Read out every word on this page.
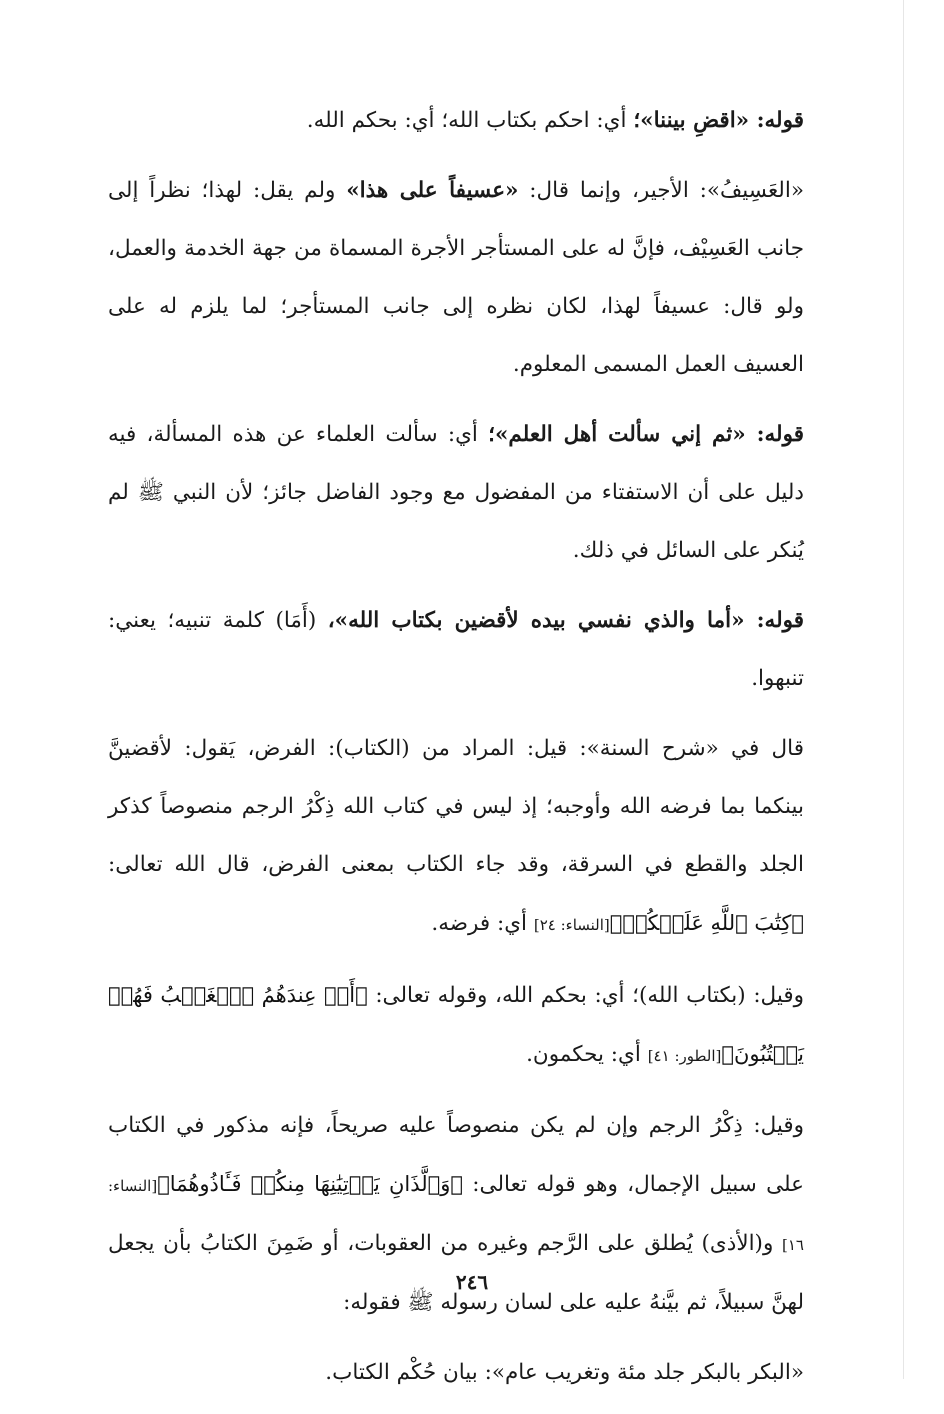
قوله: «اقضِ بيننا»؛ أي: احكم بكتاب الله؛ أي: بحكم الله.

«العَسِيفُ»: الأجير، وإنما قال: «عسيفاً على هذا» ولم يقل: لهذا؛ نظراً إلى جانب العَسِيْف، فإنَّ له على المستأجر الأجرة المسماة من جهة الخدمة والعمل، ولو قال: عسيفاً لهذا، لكان نظره إلى جانب المستأجر؛ لما يلزم له على العسيف العمل المسمى المعلوم.

قوله: «ثم إني سألت أهل العلم»؛ أي: سألت العلماء عن هذه المسألة، فيه دليل على أن الاستفتاء من المفضول مع وجود الفاضل جائز؛ لأن النبي ﷺ لم يُنكر على السائل في ذلك.

قوله: «أما والذي نفسي بيده لأقضين بكتاب الله»، (أَمَا) كلمة تنبيه؛ يعني: تنبهوا.

قال في «شرح السنة»: قيل: المراد من (الكتاب): الفرض، يَقول: لأقضينَّ بينكما بما فرضه الله وأوجبه؛ إذ ليس في كتاب الله ذِكْرُ الرجم منصوصاً كذكر الجلد والقطع في السرقة، وقد جاء الكتاب بمعنى الفرض، قال الله تعالى: ﴿كِتَٰبَ ٱللَّهِ عَلَيۡكُمۡ﴾[النساء: ٢٤] أي: فرضه.

وقيل: (بكتاب الله)؛ أي: بحكم الله، وقوله تعالى: ﴿أَمۡ عِندَهُمُ ٱلۡغَيۡبُ فَهُمۡ يَكۡتُبُونَ﴾[الطور: ٤١] أي: يحكمون.

وقيل: ذِكْرُ الرجم وإن لم يكن منصوصاً عليه صريحاً، فإنه مذكور في الكتاب على سبيل الإجمال، وهو قوله تعالى: ﴿وَٱلَّذَانِ يَأۡتِيَٰنِهَا مِنكُمۡ فَـَٔاذُوهُمَا﴾[النساء: ١٦] و(الأذى) يُطلق على الرَّجم وغيره من العقوبات، أو ضَمِنَ الكتابُ بأن يجعل لهنَّ سبيلاً، ثم بيَّنهُ عليه على لسان رسوله ﷺ فقوله:

«البكر بالبكر جلد مئة وتغريب عام»: بيان حُكْم الكتاب.

٢٤٦
